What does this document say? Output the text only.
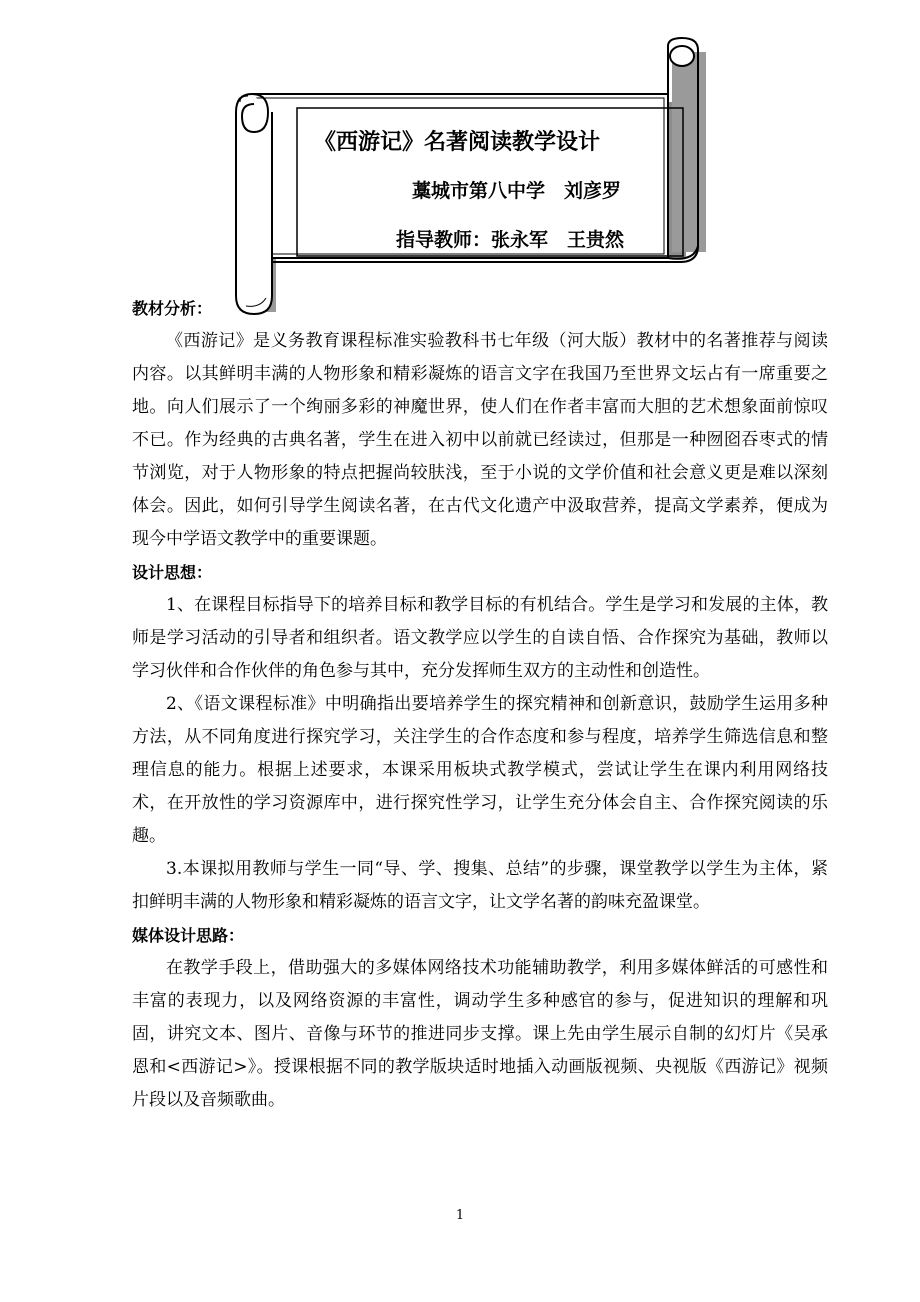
《西游记》名著阅读教学设计
藁城市第八中学　刘彦罗
指导教师：张永军　王贵然
教材分析：

《西游记》是义务教育课程标准实验教科书七年级（河大版）教材中的名著推荐与阅读内容。以其鲜明丰满的人物形象和精彩凝炼的语言文字在我国乃至世界文坛占有一席重要之地。向人们展示了一个绚丽多彩的神魔世界，使人们在作者丰富而大胆的艺术想象面前惊叹不已。作为经典的古典名著，学生在进入初中以前就已经读过，但那是一种囫囵吞枣式的情节浏览，对于人物形象的特点把握尚较肤浅，至于小说的文学价值和社会意义更是难以深刻体会。因此，如何引导学生阅读名著，在古代文化遗产中汲取营养，提高文学素养，便成为现今中学语文教学中的重要课题。

设计思想：

1、在课程目标指导下的培养目标和教学目标的有机结合。学生是学习和发展的主体，教师是学习活动的引导者和组织者。语文教学应以学生的自读自悟、合作探究为基础，教师以学习伙伴和合作伙伴的角色参与其中，充分发挥师生双方的主动性和创造性。

2、《语文课程标准》中明确指出要培养学生的探究精神和创新意识，鼓励学生运用多种方法，从不同角度进行探究学习，关注学生的合作态度和参与程度，培养学生筛选信息和整理信息的能力。根据上述要求，本课采用板块式教学模式，尝试让学生在课内利用网络技术，在开放性的学习资源库中，进行探究性学习，让学生充分体会自主、合作探究阅读的乐趣。

3.本课拟用教师与学生一同“导、学、搜集、总结”的步骤，课堂教学以学生为主体，紧扣鲜明丰满的人物形象和精彩凝炼的语言文字，让文学名著的韵味充盈课堂。

媒体设计思路：

在教学手段上，借助强大的多媒体网络技术功能辅助教学，利用多媒体鲜活的可感性和丰富的表现力，以及网络资源的丰富性，调动学生多种感官的参与，促进知识的理解和巩固，讲究文本、图片、音像与环节的推进同步支撑。课上先由学生展示自制的幻灯片《吴承恩和<西游记>》。授课根据不同的教学版块适时地插入动画版视频、央视版《西游记》视频片段以及音频歌曲。

1
